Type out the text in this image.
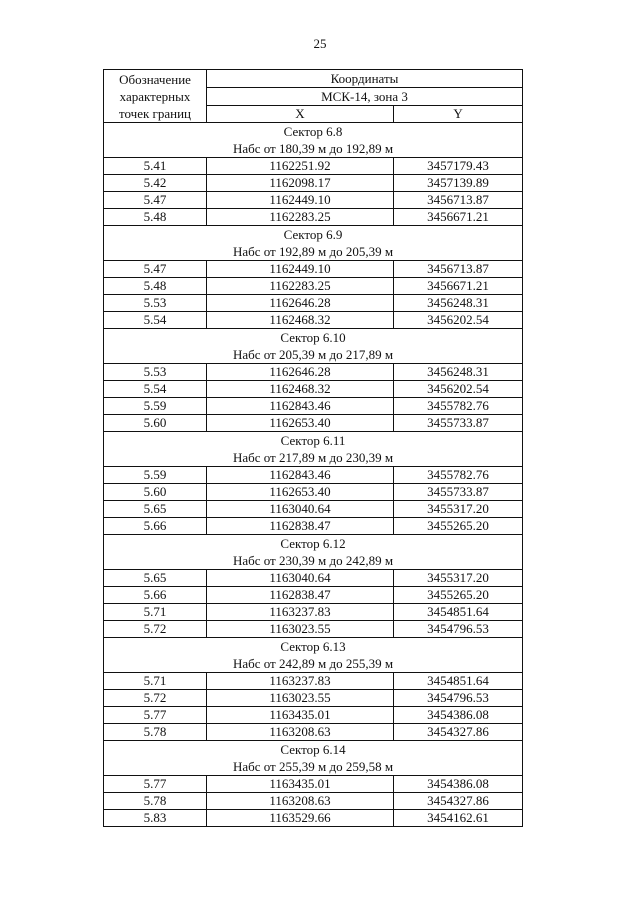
25
Обозначение характерных точек границ	Координаты	
	МСК-14, зона 3	
	X	Y
Сектор 6.8		
Набс от 180,39 м до 192,89 м		
5.41	1162251.92	3457179.43
5.42	1162098.17	3457139.89
5.47	1162449.10	3456713.87
5.48	1162283.25	3456671.21
Сектор 6.9		
Набс от 192,89 м до 205,39 м		
5.47	1162449.10	3456713.87
5.48	1162283.25	3456671.21
5.53	1162646.28	3456248.31
5.54	1162468.32	3456202.54
Сектор 6.10		
Набс от 205,39 м до 217,89 м		
5.53	1162646.28	3456248.31
5.54	1162468.32	3456202.54
5.59	1162843.46	3455782.76
5.60	1162653.40	3455733.87
Сектор 6.11		
Набс от 217,89 м до 230,39 м		
5.59	1162843.46	3455782.76
5.60	1162653.40	3455733.87
5.65	1163040.64	3455317.20
5.66	1162838.47	3455265.20
Сектор 6.12		
Набс от 230,39 м до 242,89 м		
5.65	1163040.64	3455317.20
5.66	1162838.47	3455265.20
5.71	1163237.83	3454851.64
5.72	1163023.55	3454796.53
Сектор 6.13		
Набс от 242,89 м до 255,39 м		
5.71	1163237.83	3454851.64
5.72	1163023.55	3454796.53
5.77	1163435.01	3454386.08
5.78	1163208.63	3454327.86
Сектор 6.14		
Набс от 255,39 м до 259,58 м		
5.77	1163435.01	3454386.08
5.78	1163208.63	3454327.86
5.83	1163529.66	3454162.61
